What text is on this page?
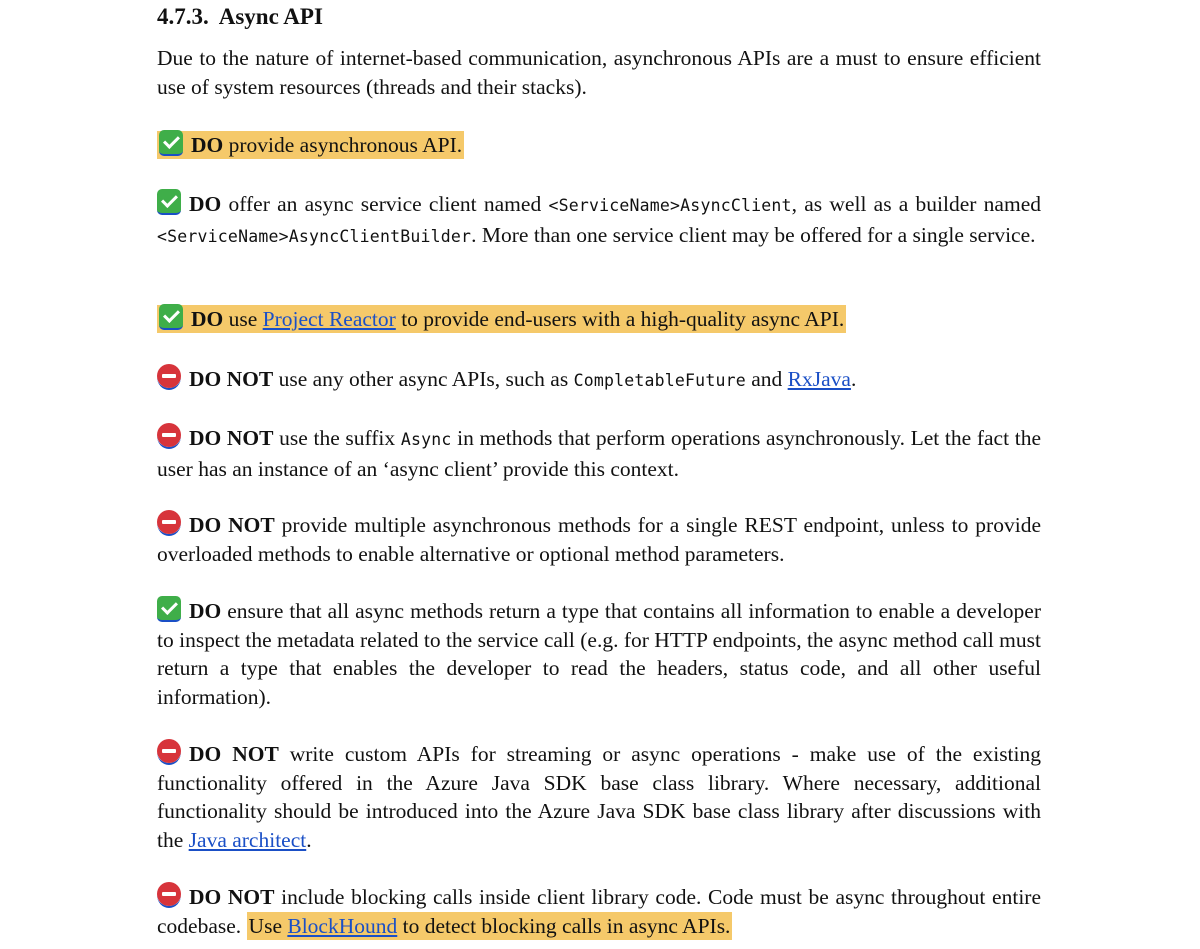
4.7.3. Async API

Due to the nature of internet-based communication, asynchronous APIs are a must to ensure efficient use of system resources (threads and their stacks).

DO provide asynchronous API.

DO offer an async service client named <ServiceName>AsyncClient, as well as a builder named <ServiceName>AsyncClientBuilder. More than one service client may be offered for a single service.

DO use Project Reactor to provide end-users with a high-quality async API.

DO NOT use any other async APIs, such as CompletableFuture and RxJava.

DO NOT use the suffix Async in methods that perform operations asynchronously. Let the fact the user has an instance of an ‘async client’ provide this context.

DO NOT provide multiple asynchronous methods for a single REST endpoint, unless to provide overloaded methods to enable alternative or optional method parameters.

DO ensure that all async methods return a type that contains all information to enable a developer to inspect the metadata related to the service call (e.g. for HTTP endpoints, the async method call must return a type that enables the developer to read the headers, status code, and all other useful information).

DO NOT write custom APIs for streaming or async operations - make use of the existing functionality offered in the Azure Java SDK base class library. Where necessary, additional functionality should be introduced into the Azure Java SDK base class library after discussions with the Java architect.

DO NOT include blocking calls inside client library code. Code must be async throughout entire codebase. Use BlockHound to detect blocking calls in async APIs.
